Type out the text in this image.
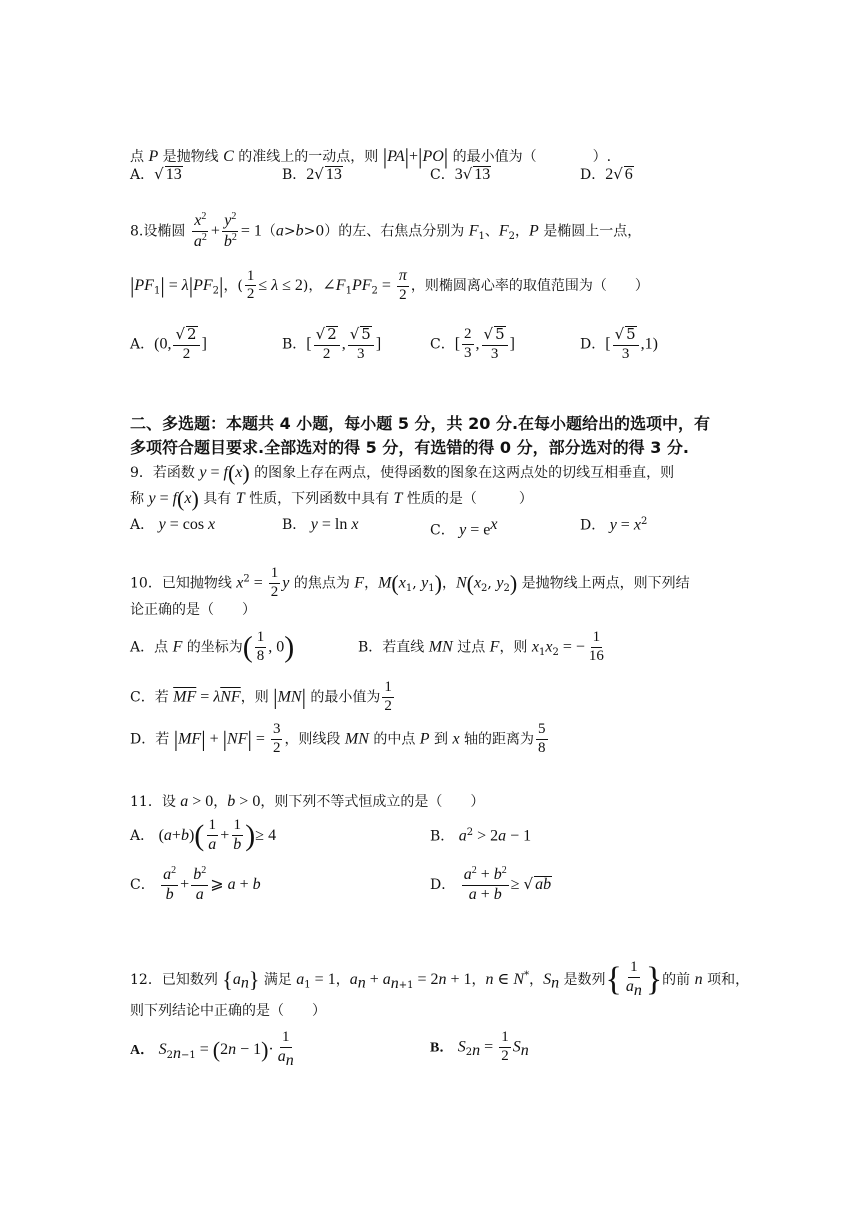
点 P 是抛物线 C 的准线上的一动点，则 |PA|+|PO| 的最小值为（　　　　）.
A．√ 13	B．2√ 13	C．3√ 13	D．2√ 6
8.设椭圆 $\frac{x^2}{a^2} + \frac{y^2}{b^2} = 1(a>b>0)$的左、右焦点分别为 $F_1$、$F_2$，P 是椭圆上一点，
$|PF_1| = \lambda|PF_2|$，( $\frac{1}{2} \le \lambda \le 2$)，$\angle F_1PF_2 = \frac{\pi}{2}$ ，则椭圆离心率的取值范围为（　　）
A．(0, $\frac{√ 2}{2}$ ]	B．[ $\frac{√ 2}{2}$ , $\frac{√ 5}{3}$ ]	C．[ $\frac{2}{3}$ , $\frac{√ 5}{3}$ ]	D．[ $\frac{√ 5}{3} ,1$)
二、多选题：本题共 4 小题，每小题 5 分，共 20 分.在每小题给出的选项中，有
多项符合题目要求.全部选对的得 5 分，有选错的得 0 分，部分选对的得 3 分.
9．若函数 y = f(x) 的图象上存在两点，使得函数的图象在这两点处的切线互相垂直，则
称 y = f(x) 具有 T 性质，下列函数中具有 T 性质的是（　　　）
A． y = cos x	B． y = ln x	C． $y = e^x$	D． $y = x^2$
10．已知抛物线 $x^2 = \frac{1}{2}$ y 的焦点为 F，$M(x_1$, $y_1$)，$N(x_2$, $y_2$) 是抛物线上两点，则下列结
论正确的是（　　）
A．点 F 的坐标为( $\frac{1}{8}$ , 0)	B．若直线 MN 过点 F，则 $x_1x_2$ = − $\frac{1}{16}$
C．若 $\overline{MF} = \lambda\overline{NF}$，则 |MN| 的最小值为 $\frac{1}{2}$
D．若 $|MF| + |NF| = \frac{3}{2}$ ，则线段 MN 的中点 P 到 x 轴的距离为 $\frac{5}{8}$
11．设 a > 0，b > 0，则下列不等式恒成立的是（　　）
A． $(a+b)( \frac{1}{a} + \frac{1}{b}$ )≥ 4	B． $a^2 > 2a - 1$
C． $\frac{a^2}{b} + \frac{b^2}{a}$ ⩾ a + b	D． $\frac{a^2 + b^2}{a + b}$ ≥ √ ab
12．已知数列 $\{a_n\}$ 满足 $a_1 = 1$，$a_n + a_{n+1} = 2n + 1$，n ∈ N*，$S_n$ 是数列{ $\frac{1}{a_n}$ }的前 n 项和，
则下列结论中正确的是（　　）
A． $S_{2n-1} = (2n - 1)\cdot \frac{1}{a_n}$	B． $S_{2n} = \frac{1}{2} S_n$
